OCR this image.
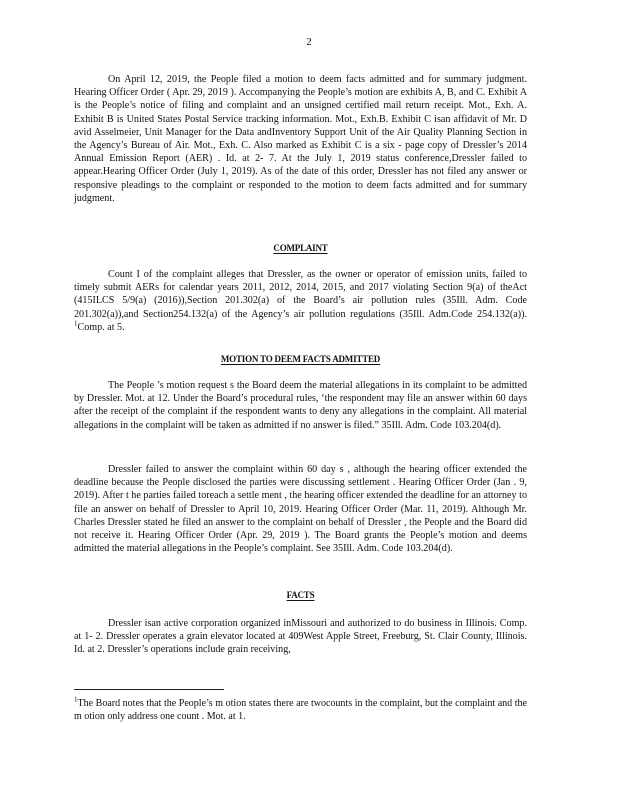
2

On April 12, 2019, the People filed a motion to deem facts admitted and for summary judgment. Hearing Officer Order ( Apr. 29, 2019 ). Accompanying the People’s motion are exhibits A, B, and C. Exhibit A is the People’s notice of filing and complaint and an unsigned certified mail return receipt. Mot., Exh. A. Exhibit B is United States Postal Service tracking information. Mot., Exh.B. Exhibit C isan affidavit of Mr. D avid Asselmeier, Unit Manager for the Data andInventory Support Unit of the Air Quality Planning Section in the Agency’s Bureau of Air. Mot., Exh. C. Also marked as Exhibit C is a six - page copy of Dressler’s 2014 Annual Emission Report (AER) . Id. at 2- 7. At the July 1, 2019 status conference,Dressler failed to appear.Hearing Officer Order (July 1, 2019). As of the date of this order, Dressler has not filed any answer or responsive pleadings to the complaint or responded to the motion to deem facts admitted and for summary judgment.

COMPLAINT

Count I of the complaint alleges that Dressler, as the owner or operator of emission units, failed to timely submit AERs for calendar years 2011, 2012, 2014, 2015, and 2017 violating Section 9(a) of theAct (415ILCS 5/9(a) (2016)),Section 201.302(a) of the Board’s air pollution rules (35Ill. Adm. Code 201.302(a)),and Section254.132(a) of the Agency’s air pollution regulations (35Ill. Adm.Code 254.132(a)). $^1$Comp. at 5.

MOTION TO DEEM FACTS ADMITTED

The People ’s motion request s the Board deem the material allegations in its complaint to be admitted by Dressler. Mot. at 12. Under the Board’s procedural rules, ‘the respondent may file an answer within 60 days after the receipt of the complaint if the respondent wants to deny any allegations in the complaint. All material allegations in the complaint will be taken as admitted if no answer is filed.” 35Ill. Adm. Code 103.204(d).

Dressler failed to answer the complaint within 60 day s , although the hearing officer extended the deadline because the People disclosed the parties were discussing settlement . Hearing Officer Order (Jan . 9, 2019). After t he parties failed toreach a settle ment , the hearing officer extended the deadline for an attorney to file an answer on behalf of Dressler to April 10, 2019. Hearing Officer Order (Mar. 11, 2019). Although Mr. Charles Dressler stated he filed an answer to the complaint on behalf of Dressler , the People and the Board did not receive it. Hearing Officer Order (Apr. 29, 2019 ). The Board grants the People’s motion and deems admitted the material allegations in the People’s complaint. See 35Ill. Adm. Code 103.204(d).

FACTS

Dressler isan active corporation organized inMissouri and authorized to do business in Illinois. Comp. at 1- 2. Dressler operates a grain elevator located at 409West Apple Street, Freeburg, St. Clair County, Illinois. Id. at 2. Dressler’s operations include grain receiving,

$^1$The Board notes that the People’s m otion states there are twocounts in the complaint, but the complaint and the m otion only address one count . Mot. at 1.
